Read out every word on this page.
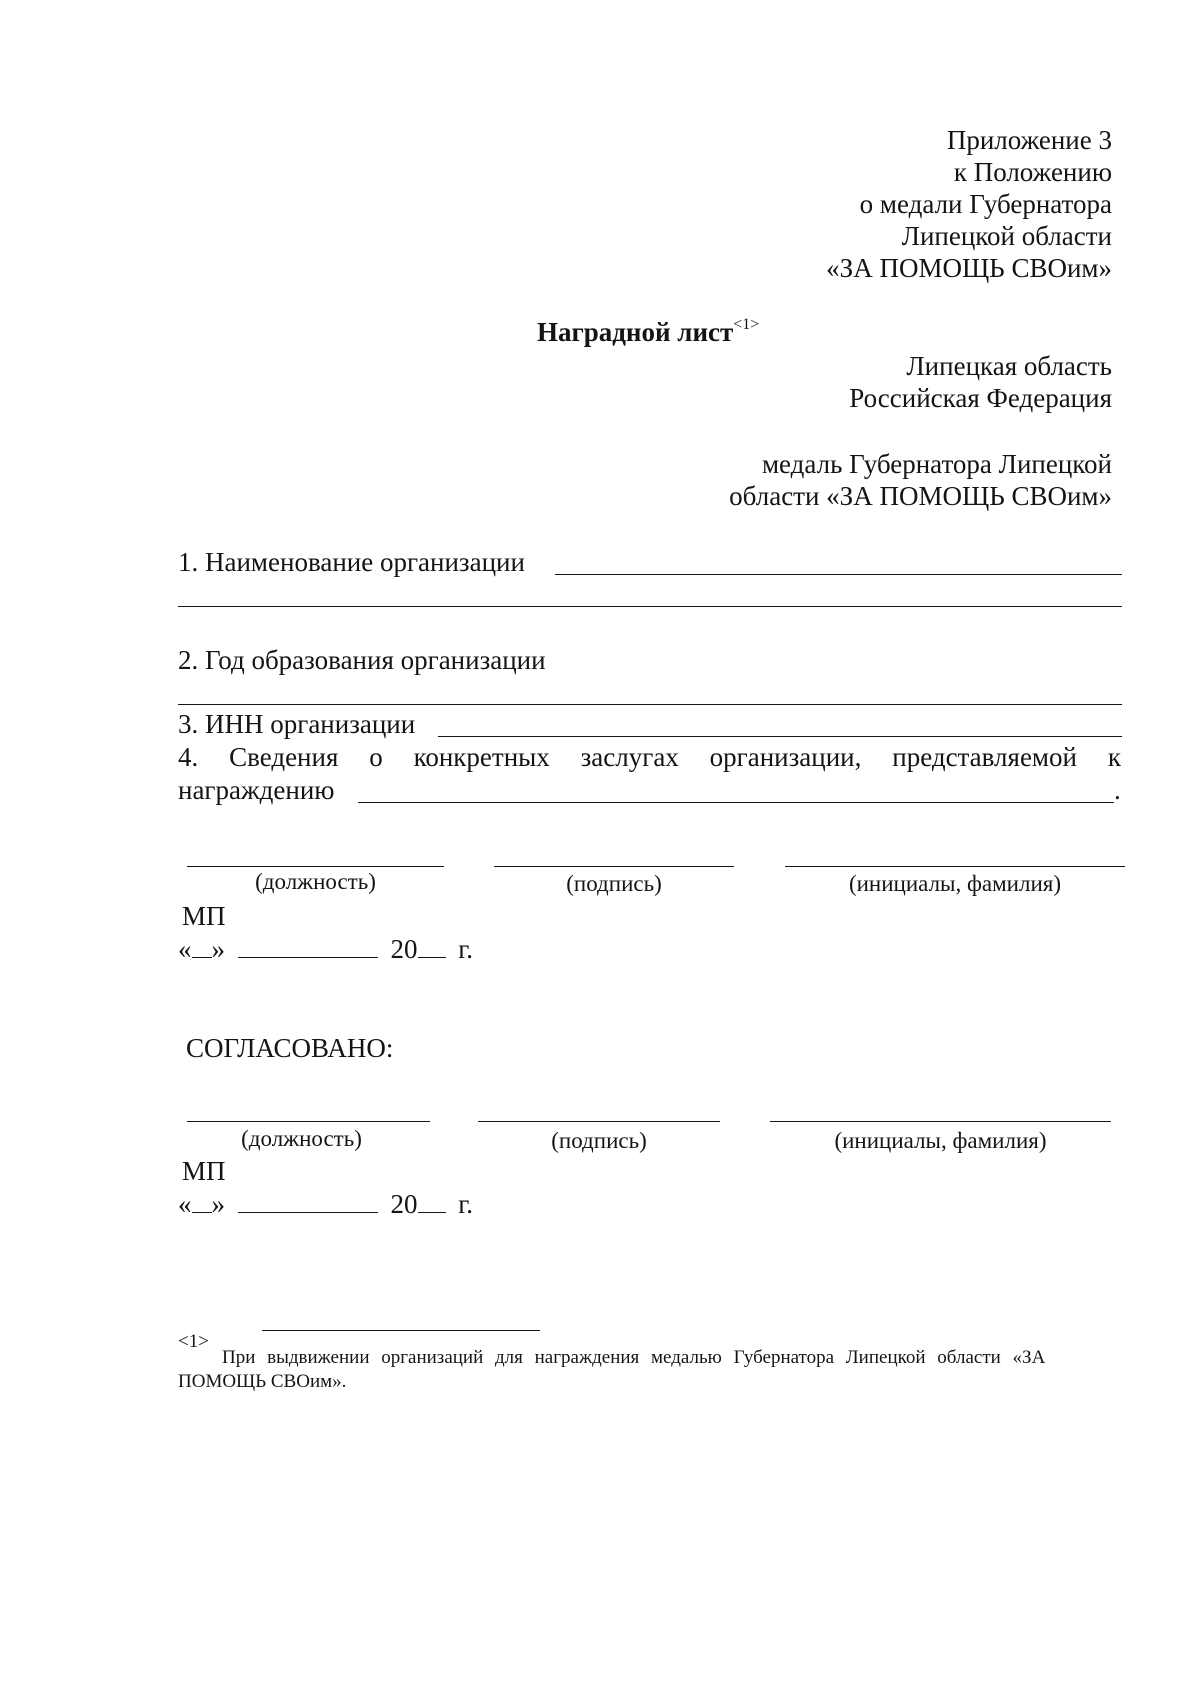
Приложение 3
к Положению
о медали Губернатора
Липецкой области
«ЗА ПОМОЩЬ СВОим»
Наградной лист$^{<1>}$
Липецкая область
Российская Федерация
медаль Губернатора Липецкой
области «ЗА ПОМОЩЬ СВОим»
1. Наименование организации
2. Год образования организации
3. ИНН организации
4. Сведения о конкретных заслугах организации, представляемой к
награждению	.
(должность)	(подпись)	(инициалы, фамилия)
МП
« »	20 г.
СОГЛАСОВАНО:
(должность)	(подпись)	(инициалы, фамилия)
МП
« »	20 г.
<1>
При выдвижении организаций для награждения медалью Губернатора Липецкой области «ЗА
ПОМОЩЬ СВОим».
